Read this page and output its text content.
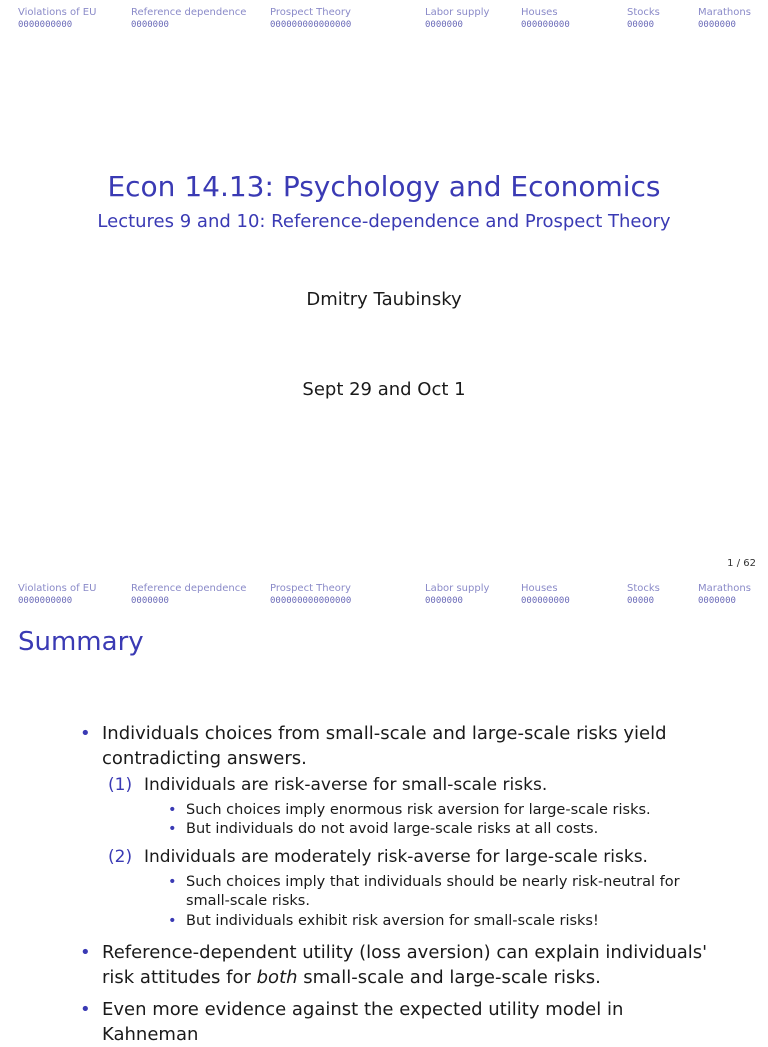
Violations of EU
0000000000
Reference dependence
0000000
Prospect Theory
000000000000000
Labor supply
0000000
Houses
000000000
Stocks
00000
Marathons
0000000
Econ 14.13: Psychology and Economics
Lectures 9 and 10: Reference-dependence and Prospect Theory
Dmitry Taubinsky
Sept 29 and Oct 1
1 / 62
Violations of EU
0000000000
Reference dependence
0000000
Prospect Theory
000000000000000
Labor supply
0000000
Houses
000000000
Stocks
00000
Marathons
0000000
Summary
• Individuals choices from small-scale and large-scale risks yield contradicting answers.
(1) Individuals are risk-averse for small-scale risks.
• Such choices imply enormous risk aversion for large-scale risks.
• But individuals do not avoid large-scale risks at all costs.
(2) Individuals are moderately risk-averse for large-scale risks.
• Such choices imply that individuals should be nearly risk-neutral for small-scale risks.
• But individuals exhibit risk aversion for small-scale risks!
• Reference-dependent utility (loss aversion) can explain individuals' risk attitudes for both small-scale and large-scale risks.
• Even more evidence against the expected utility model in Kahneman
